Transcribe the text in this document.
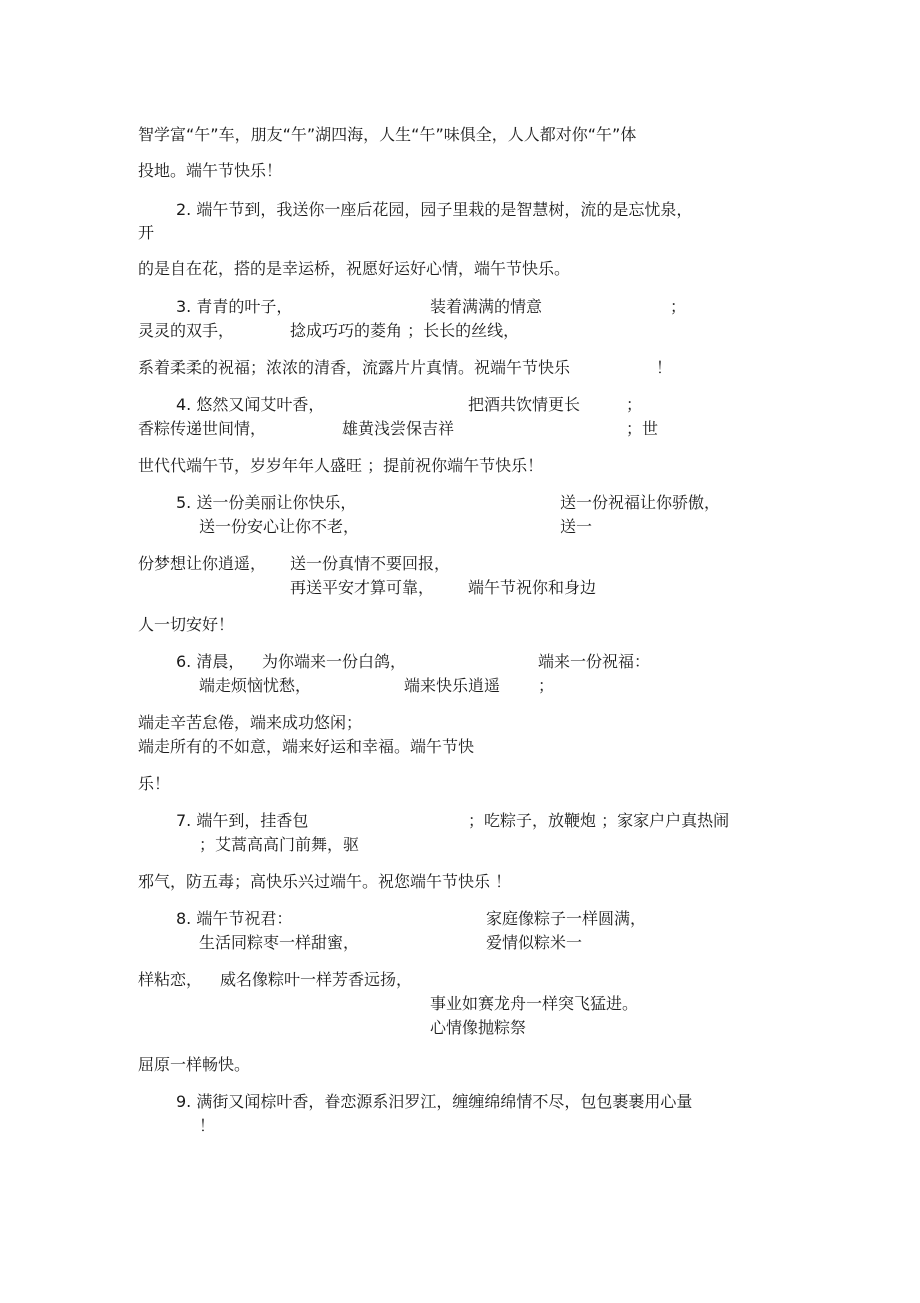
智学富“午”车，朋友“午”湖四海，人生“午”味俱全，人人都对你“午”体
投地。端午节快乐！
2. 端午节到，我送你一座后花园，园子里栽的是智慧树，流的是忘忧泉，
开
的是自在花，搭的是幸运桥，祝愿好运好心情，端午节快乐。
3. 青青的叶子，	装着满满的情意	；
灵灵的双手，	捻成巧巧的菱角 ；长长的丝线，
系着柔柔的祝福；浓浓的清香，流露片片真情。祝端午节快乐	！
4. 悠然又闻艾叶香，	把酒共饮情更长	；
香粽传递世间情，	雄黄浅尝保吉祥	；世
世代代端午节，岁岁年年人盛旺 ；提前祝你端午节快乐！
5. 送一份美丽让你快乐，	送一份祝福让你骄傲，
送一份安心让你不老，	送一
份梦想让你逍遥， 送一份真情不要回报，
再送平安才算可靠， 端午节祝你和身边
人一切安好！
6. 清晨， 为你端来一份白鸽，	端来一份祝福：
端走烦恼忧愁，	端来快乐逍遥 ；
端走辛苦怠倦，端来成功悠闲；
端走所有的不如意，端来好运和幸福。端午节快
乐！
7. 端午到，挂香包	；吃粽子，放鞭炮 ；家家户户真热闹
；艾蒿高高门前舞，驱
邪气，防五毒；高快乐兴过端午。祝您端午节快乐 ！
8. 端午节祝君：	家庭像粽子一样圆满，
生活同粽枣一样甜蜜，	爱情似粽米一
样粘恋， 威名像粽叶一样芳香远扬，
事业如赛龙舟一样突飞猛进。
心情像抛粽祭
屈原一样畅快。
9. 满街又闻棕叶香，眷恋源系汨罗江，缠缠绵绵情不尽，包包裹裹用心量
！
